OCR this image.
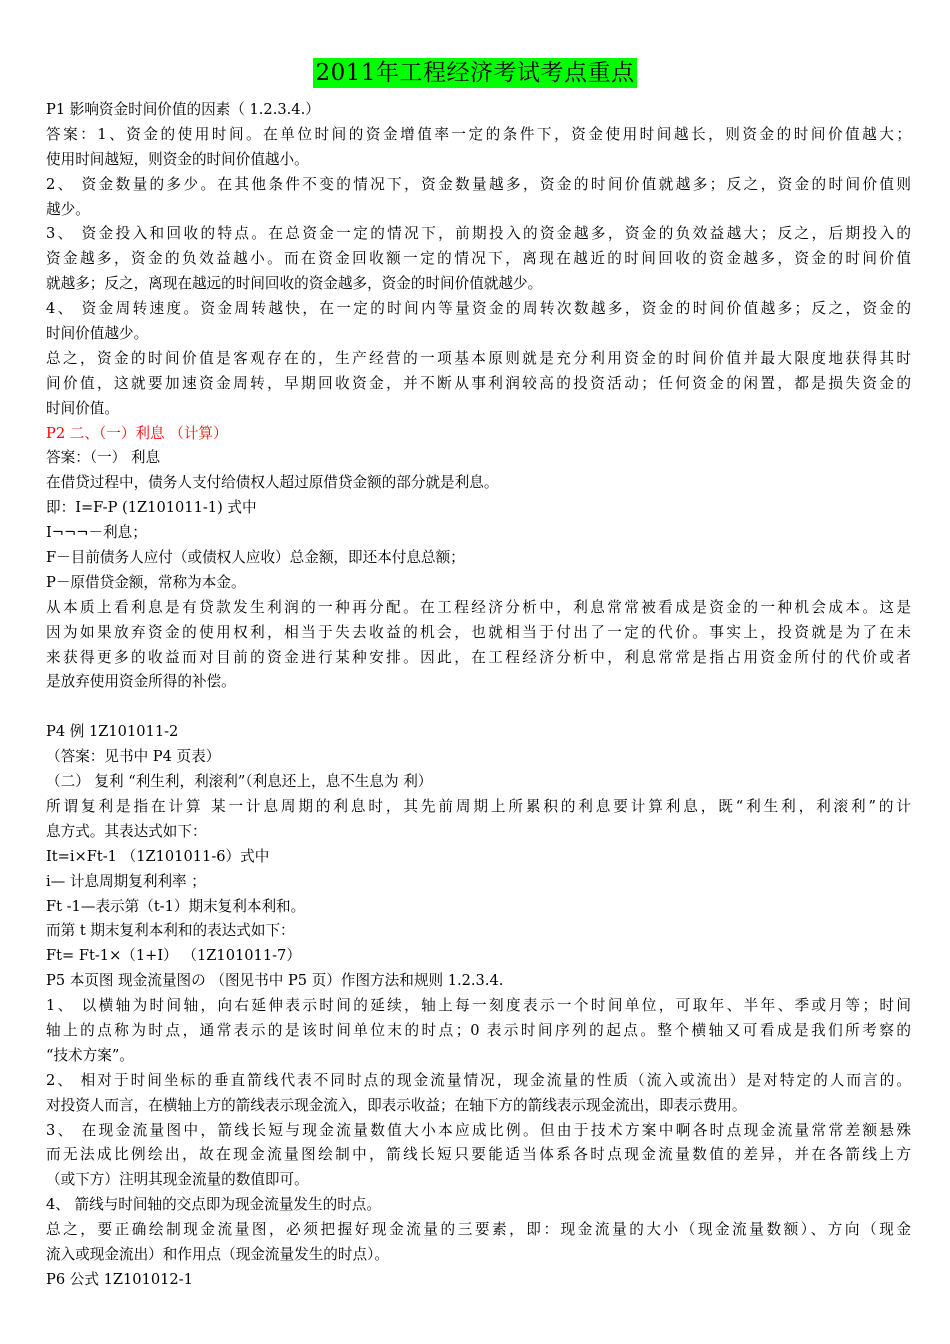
2011年工程经济考试考点重点
P1 影响资金时间价值的因素（ 1.2.3.4.）
答案：1、资金的使用时间。在单位时间的资金增值率一定的条件下，资金使用时间越长，则资金的时间价值越大；
使用时间越短，则资金的时间价值越小。
2、 资金数量的多少。在其他条件不变的情况下，资金数量越多，资金的时间价值就越多；反之，资金的时间价值则
越少。
3、 资金投入和回收的特点。在总资金一定的情况下，前期投入的资金越多，资金的负效益越大；反之，后期投入的
资金越多，资金的负效益越小。而在资金回收额一定的情况下，离现在越近的时间回收的资金越多，资金的时间价值
就越多；反之，离现在越远的时间回收的资金越多，资金的时间价值就越少。
4、 资金周转速度。资金周转越快，在一定的时间内等量资金的周转次数越多，资金的时间价值越多；反之，资金的
时间价值越少。
总之，资金的时间价值是客观存在的，生产经营的一项基本原则就是充分利用资金的时间价值并最大限度地获得其时
间价值，这就要加速资金周转，早期回收资金，并不断从事利润较高的投资活动；任何资金的闲置，都是损失资金的
时间价值。
P2 二、（一）利息 （计算）
答案：（一） 利息
在借贷过程中，债务人支付给债权人超过原借贷金额的部分就是利息。
即：I=F-P (1Z101011-1) 式中
I¬¬¬－利息；
F－目前债务人应付（或债权人应收）总金额，即还本付息总额；
P－原借贷金额，常称为本金。
从本质上看利息是有贷款发生利润的一种再分配。在工程经济分析中，利息常常被看成是资金的一种机会成本。这是
因为如果放弃资金的使用权利，相当于失去收益的机会，也就相当于付出了一定的代价。事实上，投资就是为了在未
来获得更多的收益而对目前的资金进行某种安排。因此，在工程经济分析中，利息常常是指占用资金所付的代价或者
是放弃使用资金所得的补偿。
P4 例 1Z101011-2
（答案：见书中 P4 页表）
（二） 复利 “利生利，利滚利”（利息还上，息不生息为 利）
所谓复利是指在计算 某一计息周期的利息时，其先前周期上所累积的利息要计算利息，既“利生利，利滚利”的计
息方式。其表达式如下：
It=i×Ft-1 （1Z101011-6）式中
i— 计息周期复利利率 ；
Ft -1—表示第（t-1）期末复利本利和。
而第 t 期末复利本利和的表达式如下：
Ft= Ft-1×（1+I） （1Z101011-7）
P5 本页图 现金流量图の （图见书中 P5 页）作图方法和规则 1.2.3.4.
1、 以横轴为时间轴，向右延伸表示时间的延续，轴上每一刻度表示一个时间单位，可取年、半年、季或月等；时间
轴上的点称为时点，通常表示的是该时间单位末的时点；0 表示时间序列的起点。整个横轴又可看成是我们所考察的
“技术方案”。
2、 相对于时间坐标的垂直箭线代表不同时点的现金流量情况，现金流量的性质（流入或流出）是对特定的人而言的。
对投资人而言，在横轴上方的箭线表示现金流入，即表示收益；在轴下方的箭线表示现金流出，即表示费用。
3、 在现金流量图中，箭线长短与现金流量数值大小本应成比例。但由于技术方案中啊各时点现金流量常常差额悬殊
而无法成比例绘出，故在现金流量图绘制中，箭线长短只要能适当体系各时点现金流量数值的差异，并在各箭线上方
（或下方）注明其现金流量的数值即可。
4、 箭线与时间轴的交点即为现金流量发生的时点。
总之，要正确绘制现金流量图，必须把握好现金流量的三要素，即：现金流量的大小（现金流量数额）、方向（现金
流入或现金流出）和作用点（现金流量发生的时点）。
P6 公式 1Z101012-1
